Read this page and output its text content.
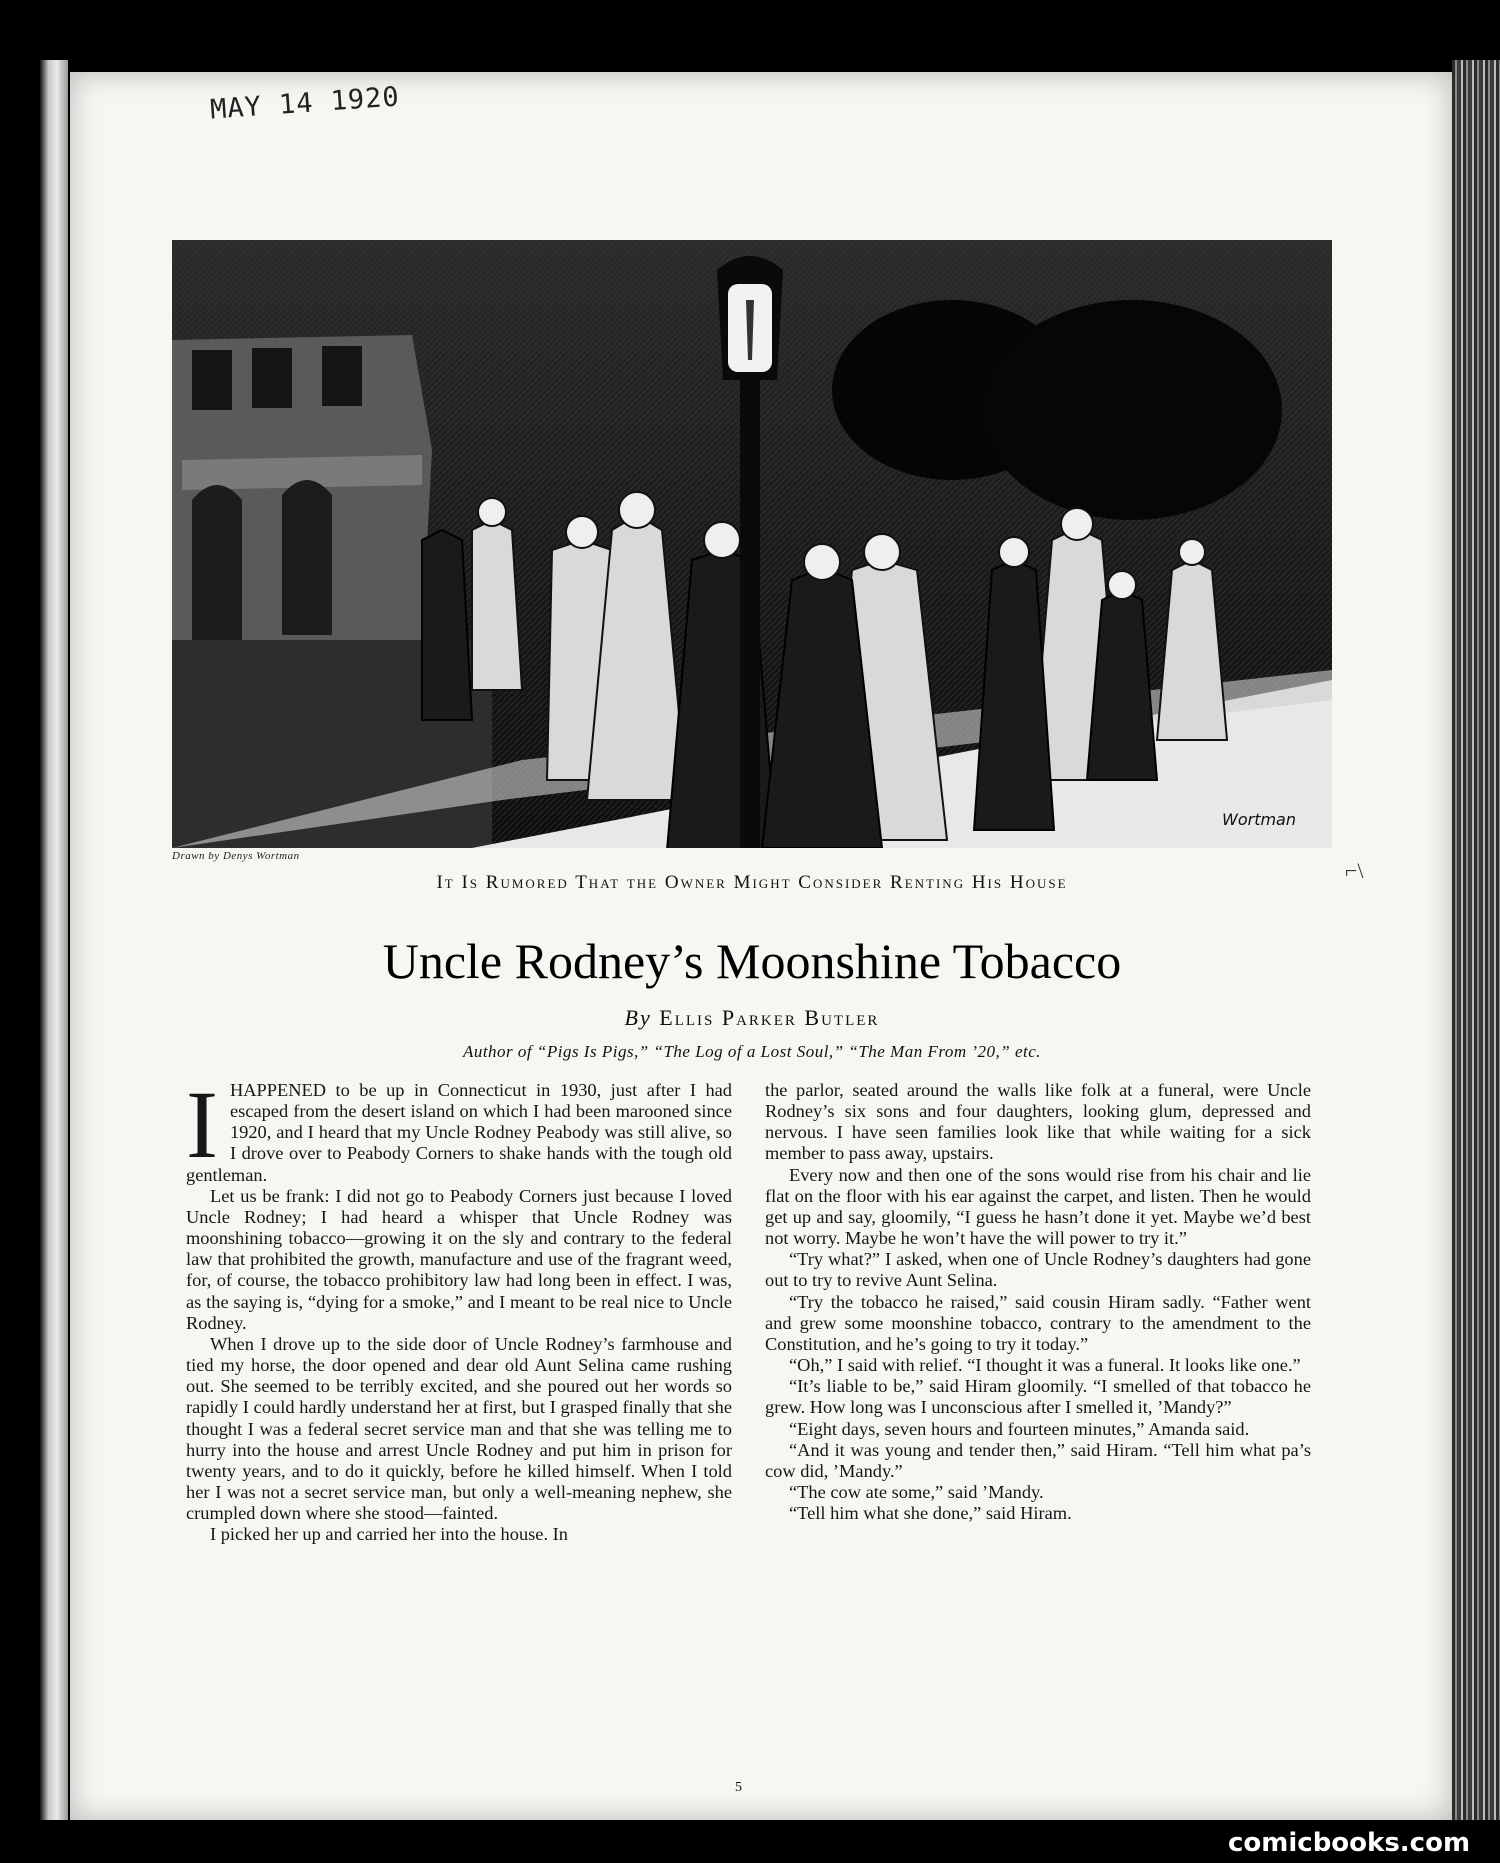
MAY 14 1920
Wortman
Drawn by Denys Wortman
It Is Rumored That the Owner Might Consider Renting His House	⌐\
Uncle Rodney’s Moonshine Tobacco
By Ellis Parker Butler
Author of “Pigs Is Pigs,” “The Log of a Lost Soul,” “The Man From ’20,” etc.
I HAPPENED to be up in Connecticut in 1930, just after I had escaped from the desert island on which I had been marooned since 1920, and I heard that my Uncle Rodney Peabody was still alive, so I drove over to Peabody Corners to shake hands with the tough old gentleman.

Let us be frank: I did not go to Peabody Corners just because I loved Uncle Rodney; I had heard a whisper that Uncle Rodney was moonshining tobacco—growing it on the sly and contrary to the federal law that prohibited the growth, manufacture and use of the fragrant weed, for, of course, the tobacco prohibitory law had long been in effect. I was, as the saying is, “dying for a smoke,” and I meant to be real nice to Uncle Rodney.

When I drove up to the side door of Uncle Rodney’s farmhouse and tied my horse, the door opened and dear old Aunt Selina came rushing out. She seemed to be terribly excited, and she poured out her words so rapidly I could hardly understand her at first, but I grasped finally that she thought I was a federal secret service man and that she was telling me to hurry into the house and arrest Uncle Rodney and put him in prison for twenty years, and to do it quickly, before he killed himself. When I told her I was not a secret service man, but only a well-meaning nephew, she crumpled down where she stood—fainted.

I picked her up and carried her into the house. In

the parlor, seated around the walls like folk at a funeral, were Uncle Rodney’s six sons and four daughters, looking glum, depressed and nervous. I have seen families look like that while waiting for a sick member to pass away, upstairs.

Every now and then one of the sons would rise from his chair and lie flat on the floor with his ear against the carpet, and listen. Then he would get up and say, gloomily, “I guess he hasn’t done it yet. Maybe we’d best not worry. Maybe he won’t have the will power to try it.”

“Try what?” I asked, when one of Uncle Rodney’s daughters had gone out to try to revive Aunt Selina.

“Try the tobacco he raised,” said cousin Hiram sadly. “Father went and grew some moonshine tobacco, contrary to the amendment to the Constitution, and he’s going to try it today.”

“Oh,” I said with relief. “I thought it was a funeral. It looks like one.”

“It’s liable to be,” said Hiram gloomily. “I smelled of that tobacco he grew. How long was I unconscious after I smelled it, ’Mandy?”

“Eight days, seven hours and fourteen minutes,” Amanda said.

“And it was young and tender then,” said Hiram. “Tell him what pa’s cow did, ’Mandy.”

“The cow ate some,” said ’Mandy.

“Tell him what she done,” said Hiram.

5
comicbooks.com
